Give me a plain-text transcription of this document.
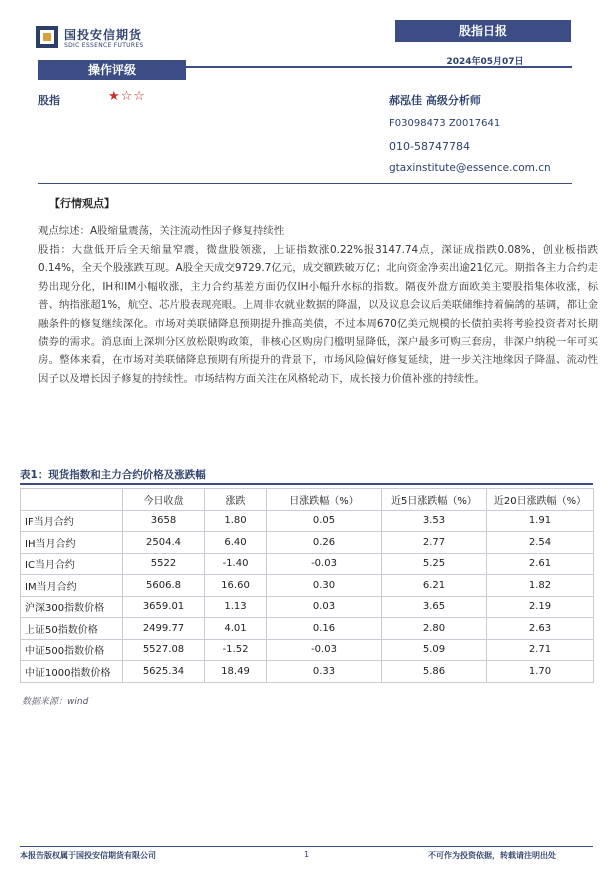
国投安信期货
SDIC ESSENCE FUTURES
股指日报
2024年05月07日
操作评级
股指	★☆☆	郝泓佳 高级分析师
F03098473 Z0017641
010-58747784
gtaxinstitute@essence.com.cn
【行情观点】
观点综述：A股缩量震荡，关注流动性因子修复持续性
股指：大盘低开后全天缩量窄震，微盘股领涨，上证指数涨0.22%报3147.74点，深证成指跌0.08%，创业板指跌0.14%，全天个股涨跌互现。A股全天成交9729.7亿元，成交额跌破万亿；北向资金净卖出逾21亿元。期指各主力合约走势出现分化，IH和IM小幅收涨，主力合约基差方面仍仅IH小幅升水标的指数。隔夜外盘方面欧美主要股指集体收涨，标普、纳指涨超1%，航空、芯片股表现亮眼。上周非农就业数据的降温，以及议息会议后美联储维持着偏鸽的基调，都让金融条件的修复继续深化。市场对美联储降息预期提升推高美债，不过本周670亿美元规模的长债拍卖将考验投资者对长期债券的需求。消息面上深圳分区放松限购政策，非核心区购房门槛明显降低，深户最多可购三套房，非深户纳税一年可买房。整体来看，在市场对美联储降息预期有所提升的背景下，市场风险偏好修复延续，进一步关注地缘因子降温、流动性因子以及增长因子修复的持续性。市场结构方面关注在风格轮动下，成长接力价值补涨的持续性。
表1：现货指数和主力合约价格及涨跌幅
	今日收盘	涨跌	日涨跌幅（%）	近5日涨跌幅（%）	近20日涨跌幅（%）
IF当月合约	3658	1.80	0.05	3.53	1.91
IH当月合约	2504.4	6.40	0.26	2.77	2.54
IC当月合约	5522	-1.40	-0.03	5.25	2.61
IM当月合约	5606.8	16.60	0.30	6.21	1.82
沪深300指数价格	3659.01	1.13	0.03	3.65	2.19
上证50指数价格	2499.77	4.01	0.16	2.80	2.63
中证500指数价格	5527.08	-1.52	-0.03	5.09	2.71
中证1000指数价格	5625.34	18.49	0.33	5.86	1.70
数据来源：wind
本报告版权属于国投安信期货有限公司	1	不可作为投资依据，转载请注明出处
